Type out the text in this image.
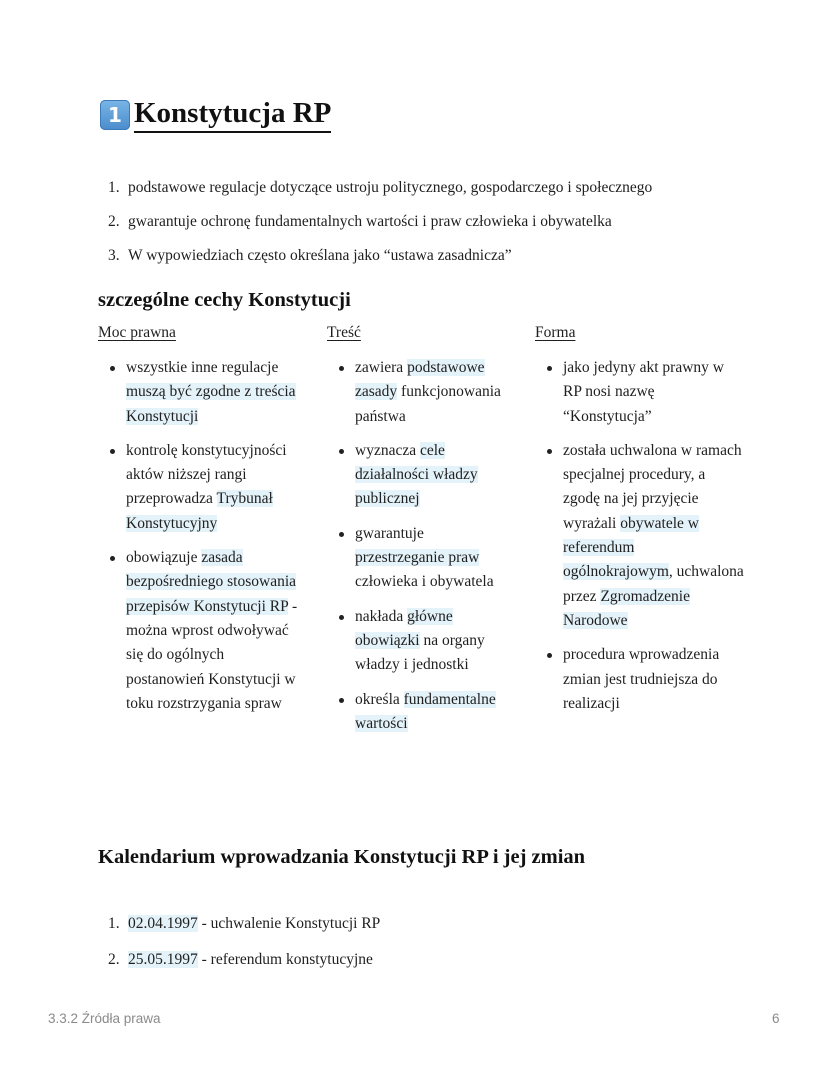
1 Konstytucja RP
1. podstawowe regulacje dotyczące ustroju politycznego, gospodarczego i społecznego
2. gwarantuje ochronę fundamentalnych wartości i praw człowieka i obywatelka
3. W wypowiedziach często określana jako “ustawa zasadnicza”
szczególne cechy Konstytucji
Moc prawna
wszystkie inne regulacje muszą być zgodne z treścia Konstytucji
kontrolę konstytucyjności aktów niższej rangi przeprowadza Trybunał Konstytucyjny
obowiązuje zasada bezpośredniego stosowania przepisów Konstytucji RP - można wprost odwoływać się do ogólnych postanowień Konstytucji w toku rozstrzygania spraw
Treść
zawiera podstawowe zasady funkcjonowania państwa
wyznacza cele działalności władzy publicznej
gwarantuje przestrzeganie praw człowieka i obywatela
nakłada główne obowiązki na organy władzy i jednostki
określa fundamentalne wartości
Forma
jako jedyny akt prawny w RP nosi nazwę “Konstytucja”
została uchwalona w ramach specjalnej procedury, a zgodę na jej przyjęcie wyrażali obywatele w referendum ogólnokrajowym, uchwalona przez Zgromadzenie Narodowe
procedura wprowadzenia zmian jest trudniejsza do realizacji
Kalendarium wprowadzania Konstytucji RP i jej zmian
1. 02.04.1997 - uchwalenie Konstytucji RP
2. 25.05.1997 - referendum konstytucyjne
3.3.2 Źródła prawa	6
